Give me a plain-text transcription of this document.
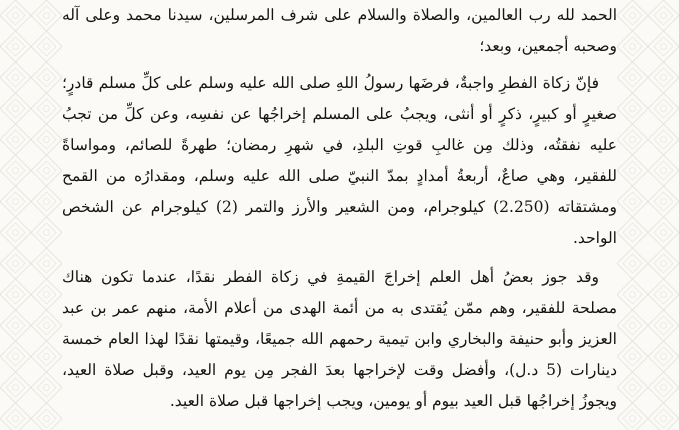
الحمد لله رب العالمين، والصلاة والسلام على شرف المرسلين، سيدنا محمد وعلى آله وصحبه أجمعين، وبعد؛

فإنّ زكاة الفطرِ واجبةٌ، فرضَها رسولُ اللهِ صلى الله عليه وسلم على كلِّ مسلم قادرٍ؛ صغيرٍ أو كبيرٍ، ذكرٍ أو أنثى، ويجبُ على المسلم إخراجُها عن نفسِه، وعن كلِّ من تجبُ عليه نفقتُه، وذلك مِن غالبِ قوتِ البلدِ، في شهرِ رمضان؛ طهرةً للصائم، ومواساةً للفقير، وهي صاعٌ، أربعةُ أمدادٍ بمدّ النبيّ صلى الله عليه وسلم، ومقدارُه من القمح ومشتقاته (2.250) كيلوجرام، ومن الشعير والأرز والتمر (2) كيلوجرام عن الشخص الواحد.

وقد جوز بعضُ أهل العلم إخراجَ القيمةِ في زكاة الفطر نقدًا، عندما تكون هناك مصلحة للفقير، وهم ممّن يُقتدى به من أئمة الهدى من أعلام الأمة، منهم عمر بن عبد العزيز وأبو حنيفة والبخاري وابن تيمية رحمهم الله جميعًا، وقيمتها نقدًا لهذا العام خمسة دينارات (5 د.ل)، وأفضل وقت لإخراجها بعدَ الفجر مِن يوم العيد، وقبل صلاة العيد، ويجوزُ إخراجُها قبل العيد بيوم أو يومين، ويجب إخراجها قبل صلاة العيد.
